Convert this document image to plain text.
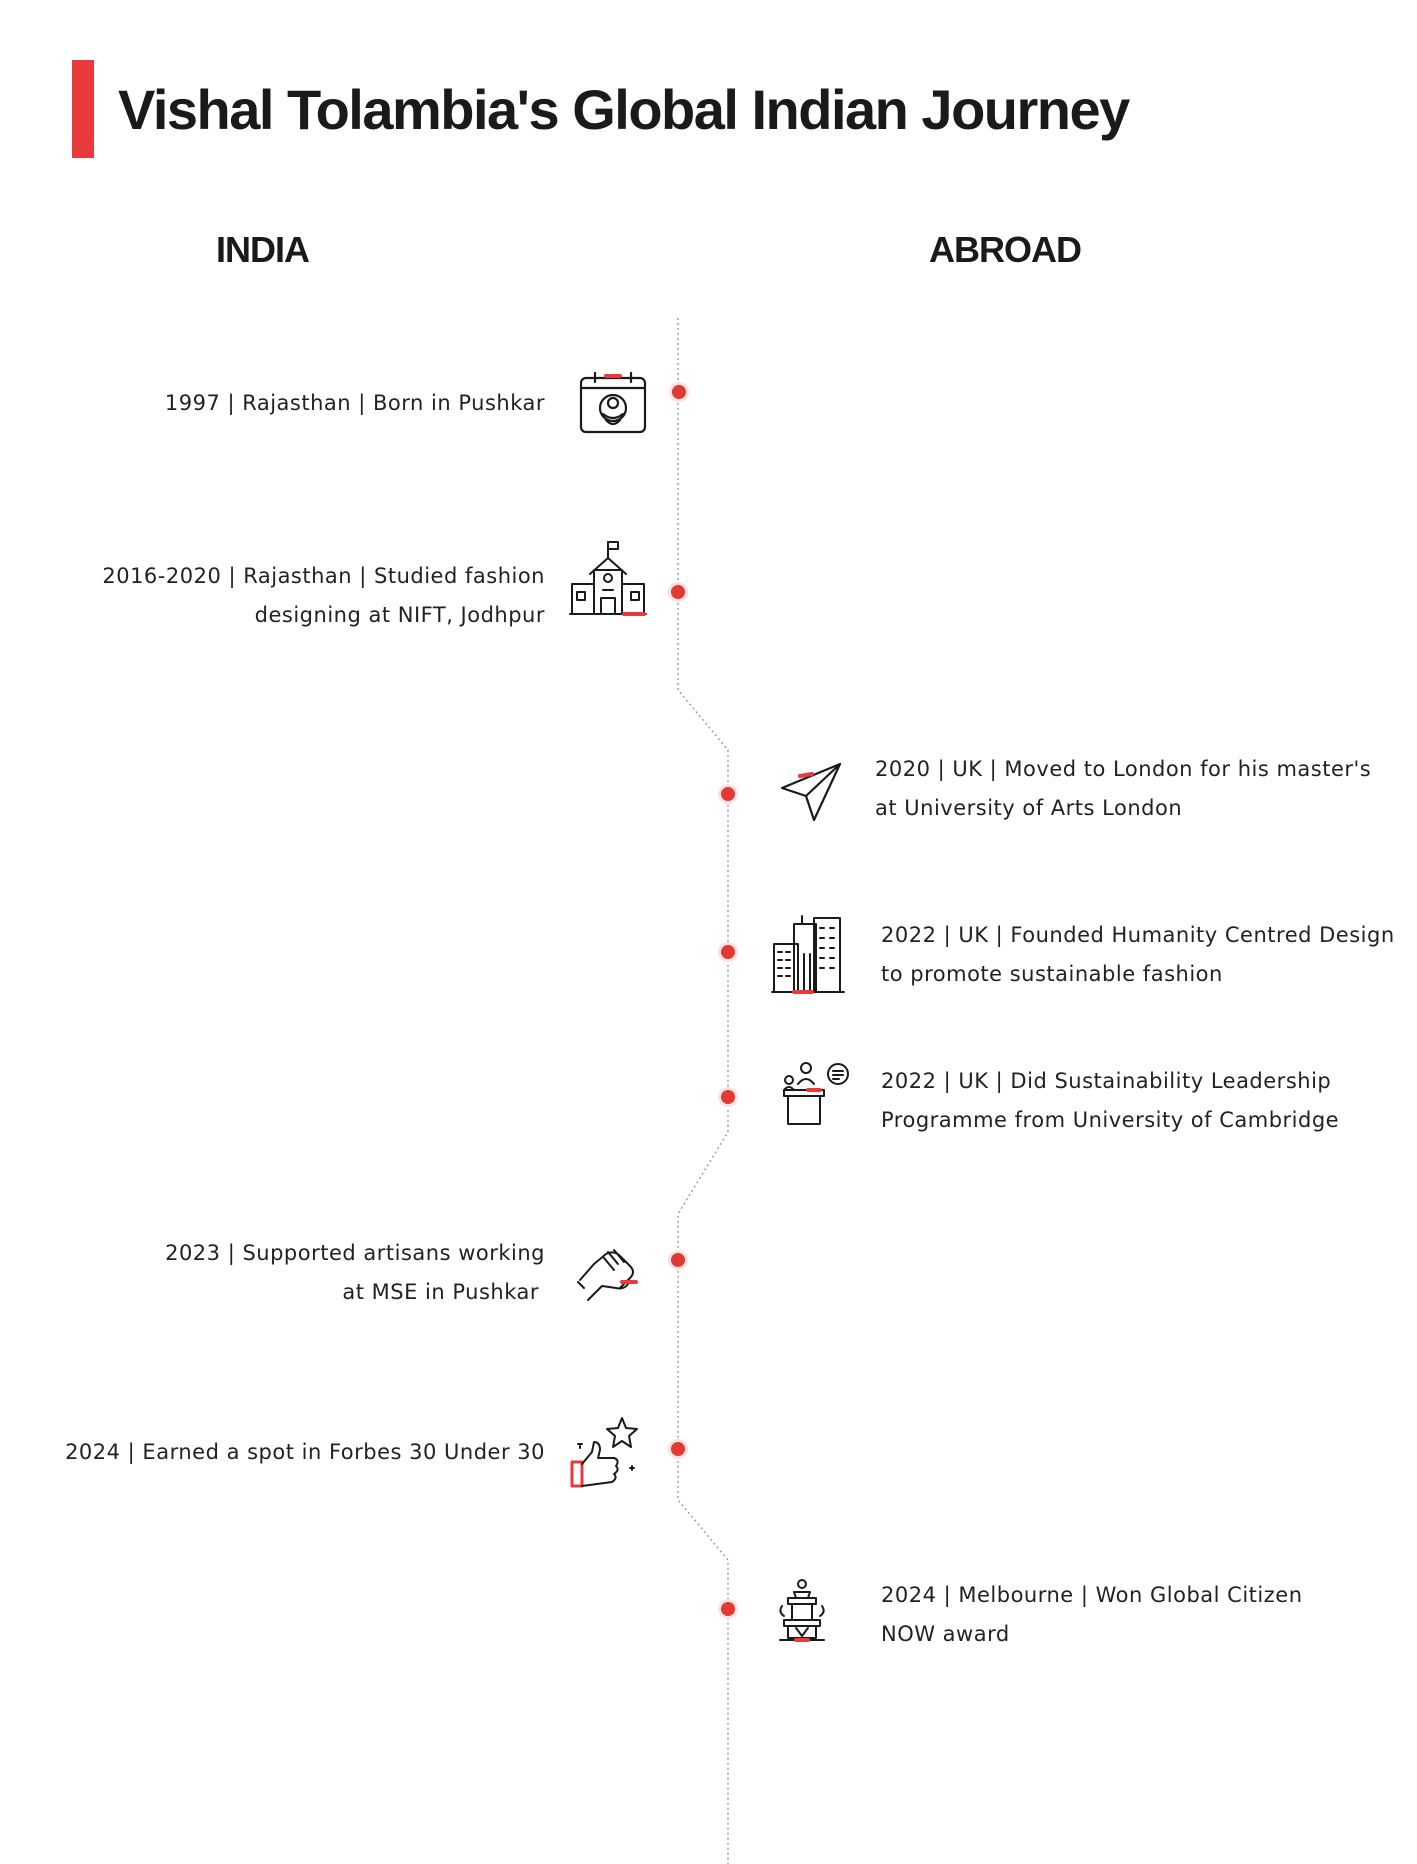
Vishal Tolambia's Global Indian Journey
INDIA	ABROAD
1997 | Rajasthan | Born in Pushkar
2016-2020 | Rajasthan | Studied fashion
designing at NIFT, Jodhpur
2020 | UK | Moved to London for his master's
at University of Arts London
2022 | UK | Founded Humanity Centred Design
to promote sustainable fashion
2022 | UK | Did Sustainability Leadership
Programme from University of Cambridge
2023 | Supported artisans working
at MSE in Pushkar
2024 | Earned a spot in Forbes 30 Under 30
2024 | Melbourne | Won Global Citizen
NOW award
